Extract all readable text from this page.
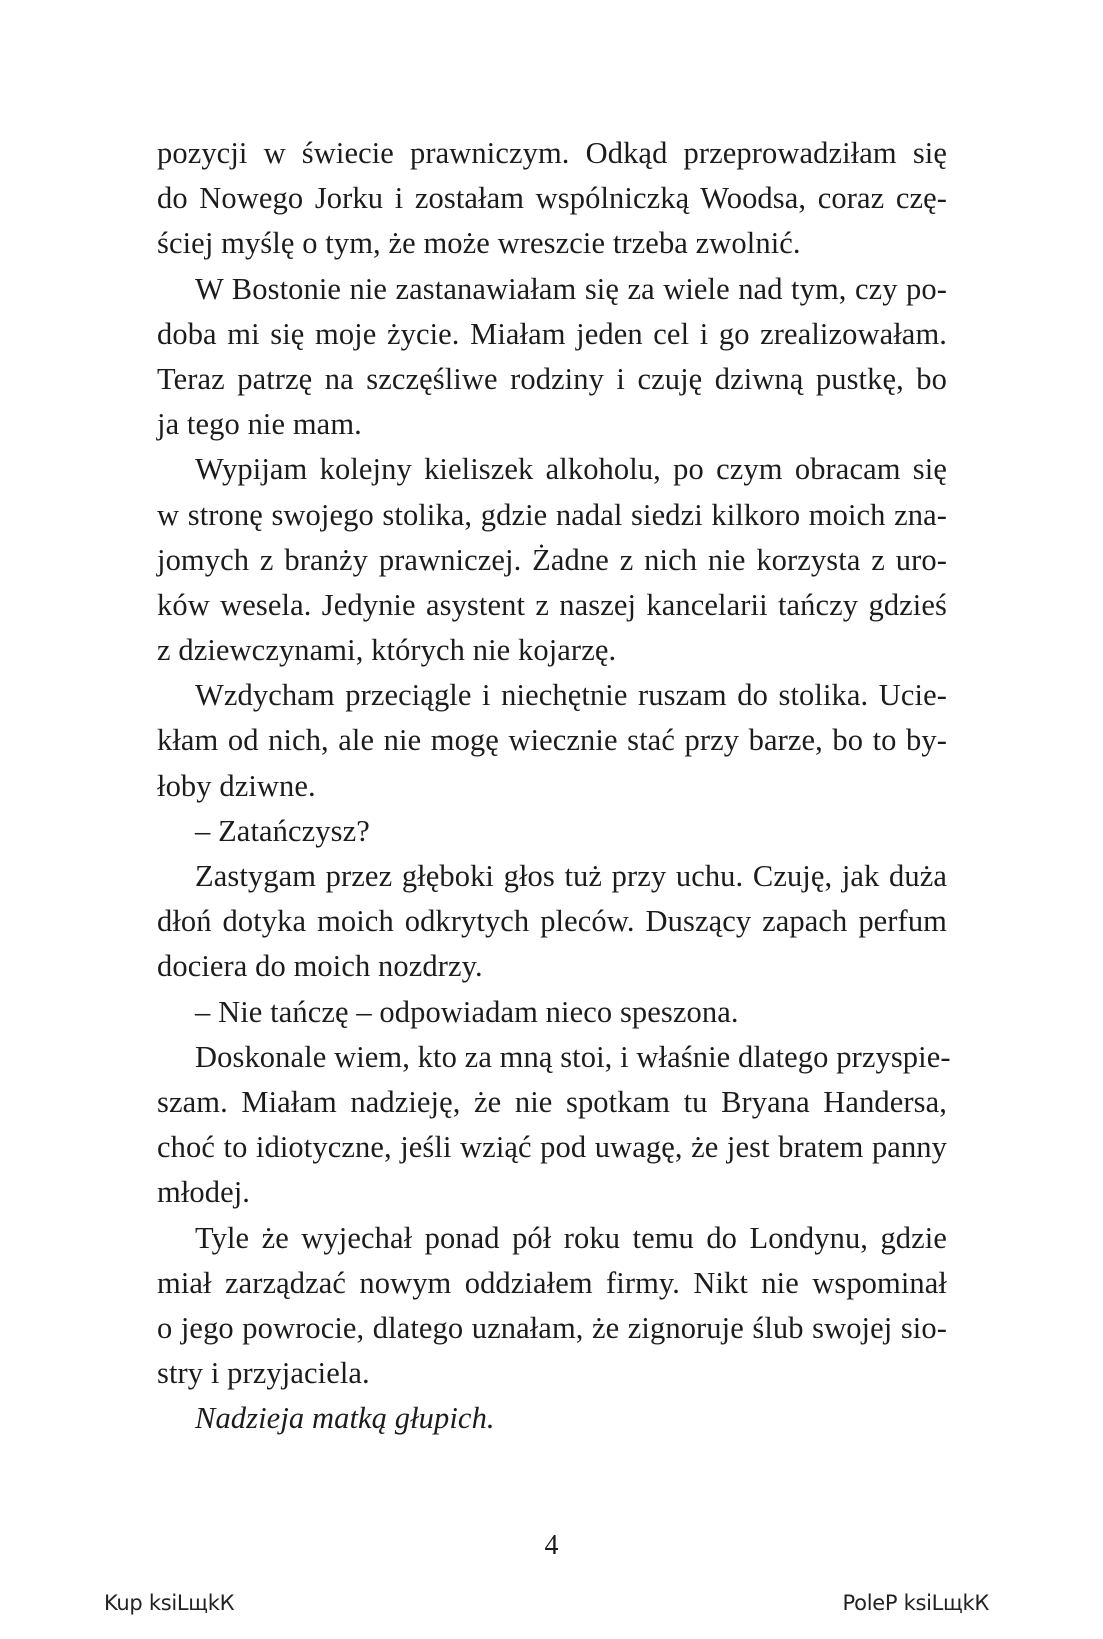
pozycji w świecie prawniczym. Odkąd przeprowadziłam się
do Nowego Jorku i zostałam wspólniczką Woodsa, coraz czę-
ściej myślę o tym, że może wreszcie trzeba zwolnić.
W Bostonie nie zastanawiałam się za wiele nad tym, czy po-
doba mi się moje życie. Miałam jeden cel i go zrealizowałam.
Teraz patrzę na szczęśliwe rodziny i czuję dziwną pustkę, bo
ja tego nie mam.
Wypijam kolejny kieliszek alkoholu, po czym obracam się
w stronę swojego stolika, gdzie nadal siedzi kilkoro moich zna-
jomych z branży prawniczej. Żadne z nich nie korzysta z uro-
ków wesela. Jedynie asystent z naszej kancelarii tańczy gdzieś
z dziewczynami, których nie kojarzę.
Wzdycham przeciągle i niechętnie ruszam do stolika. Ucie-
kłam od nich, ale nie mogę wiecznie stać przy barze, bo to by-
łoby dziwne.
– Zatańczysz?
Zastygam przez głęboki głos tuż przy uchu. Czuję, jak duża
dłoń dotyka moich odkrytych pleców. Duszący zapach perfum
dociera do moich nozdrzy.
– Nie tańczę – odpowiadam nieco speszona.
Doskonale wiem, kto za mną stoi, i właśnie dlatego przyspie-
szam. Miałam nadzieję, że nie spotkam tu Bryana Handersa,
choć to idiotyczne, jeśli wziąć pod uwagę, że jest bratem panny
młodej.
Tyle że wyjechał ponad pół roku temu do Londynu, gdzie
miał zarządzać nowym oddziałem firmy. Nikt nie wspominał
o jego powrocie, dlatego uznałam, że zignoruje ślub swojej sio-
stry i przyjaciela.
Nadzieja matką głupich.
4
Kup ksiLщkК	PoleР ksiLщkК
